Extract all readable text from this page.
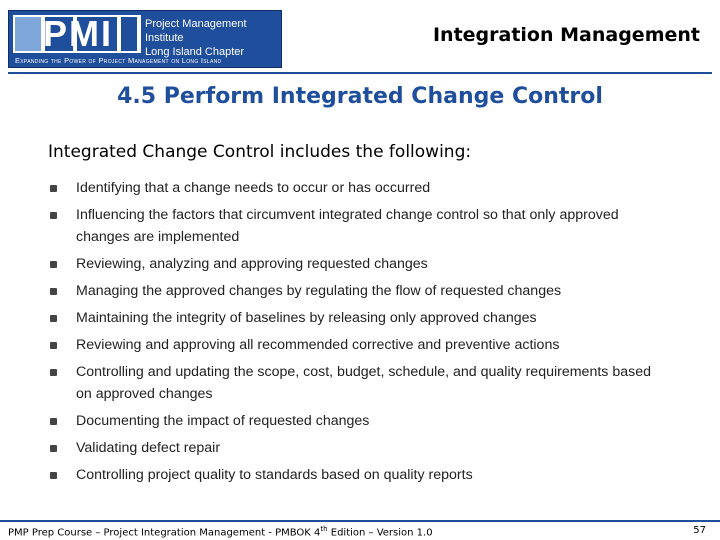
PMI	Project Management Institute
Long Island Chapter
Expanding the Power of Project Management on Long Island
Integration Management
4.5 Perform Integrated Change Control
Integrated Change Control includes the following:
Identifying that a change needs to occur or has occurred
Influencing the factors that circumvent integrated change control so that only approved changes are implemented
Reviewing, analyzing and approving requested changes
Managing the approved changes by regulating the flow of requested changes
Maintaining the integrity of baselines by releasing only approved changes
Reviewing and approving all recommended corrective and preventive actions
Controlling and updating the scope, cost, budget, schedule, and quality requirements based on approved changes
Documenting the impact of requested changes
Validating defect repair
Controlling project quality to standards based on quality reports
PMP Prep Course – Project Integration Management - PMBOK 4th Edition – Version 1.0	57
